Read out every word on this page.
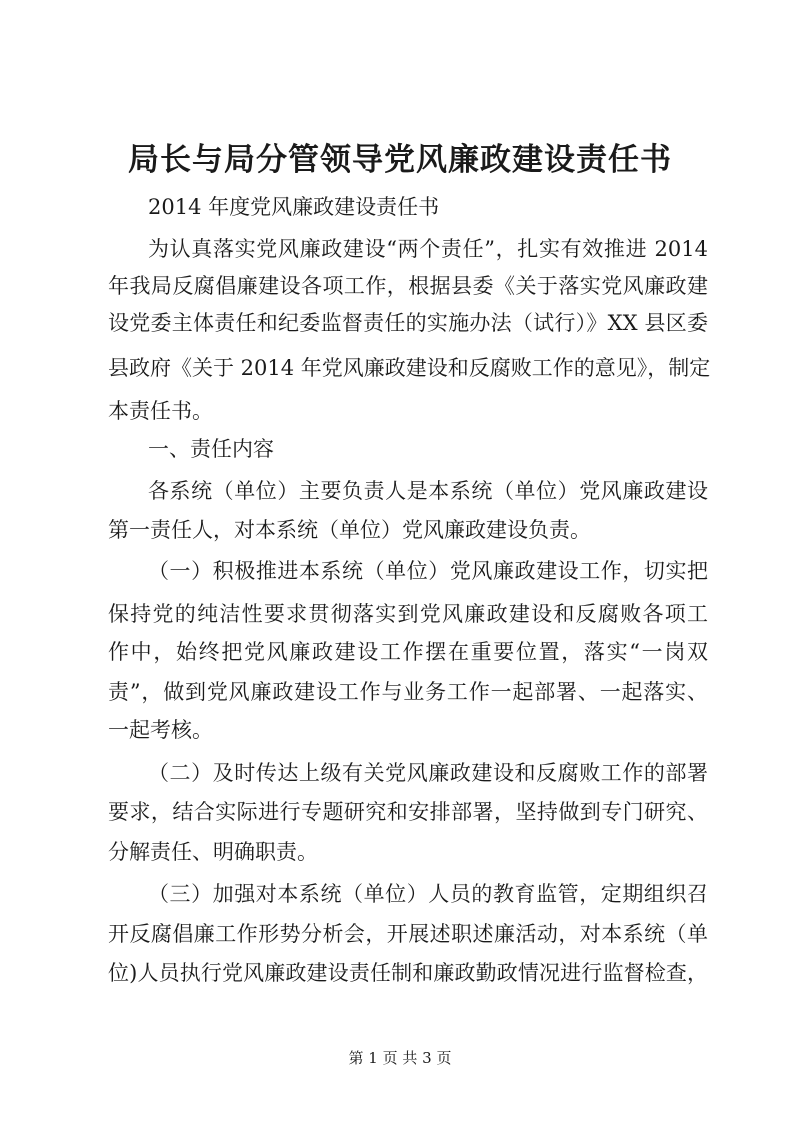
局长与局分管领导党风廉政建设责任书

2014 年度党风廉政建设责任书

为认真落实党风廉政建设“两个责任”，扎实有效推进 2014

年我局反腐倡廉建设各项工作，根据县委《关于落实党风廉政建

设党委主体责任和纪委监督责任的实施办法（试行）》XX 县区委

县政府《关于 2014 年党风廉政建设和反腐败工作的意见》，制定

本责任书。

一、责任内容

各系统（单位）主要负责人是本系统（单位）党风廉政建设

第一责任人，对本系统（单位）党风廉政建设负责。

（一）积极推进本系统（单位）党风廉政建设工作，切实把

保持党的纯洁性要求贯彻落实到党风廉政建设和反腐败各项工

作中，始终把党风廉政建设工作摆在重要位置，落实“一岗双

责”，做到党风廉政建设工作与业务工作一起部署、一起落实、

一起考核。

（二）及时传达上级有关党风廉政建设和反腐败工作的部署

要求，结合实际进行专题研究和安排部署，坚持做到专门研究、

分解责任、明确职责。

（三）加强对本系统（单位）人员的教育监管，定期组织召

开反腐倡廉工作形势分析会，开展述职述廉活动，对本系统（单

位)人员执行党风廉政建设责任制和廉政勤政情况进行监督检查，

第 1 页 共 3 页
